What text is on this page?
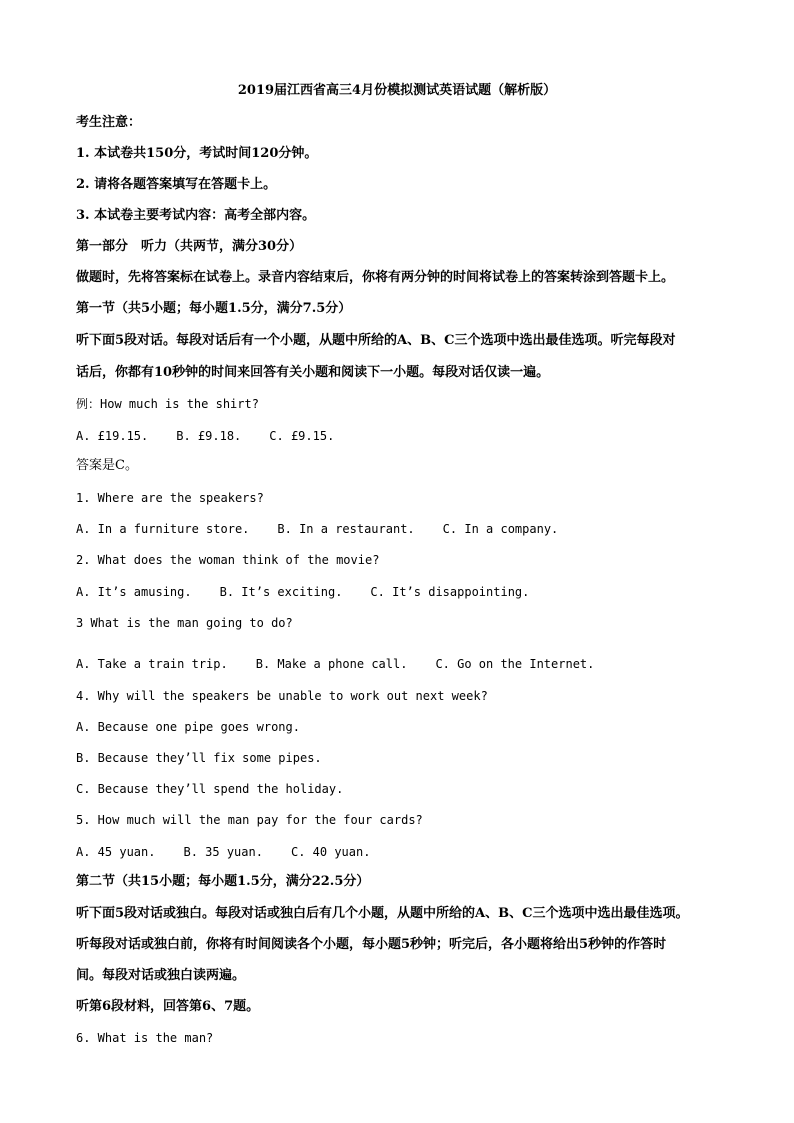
2019届江西省高三4月份模拟测试英语试题（解析版）
考生注意：
1. 本试卷共150分，考试时间120分钟。
2. 请将各题答案填写在答题卡上。
3. 本试卷主要考试内容：高考全部内容。
第一部分　听力（共两节，满分30分）
做题时，先将答案标在试卷上。录音内容结束后，你将有两分钟的时间将试卷上的答案转涂到答题卡上。
第一节（共5小题；每小题1.5分，满分7.5分）
听下面5段对话。每段对话后有一个小题，从题中所给的A、B、C三个选项中选出最佳选项。听完每段对
话后，你都有10秒钟的时间来回答有关小题和阅读下一小题。每段对话仅读一遍。
例：How much is the shirt?
A. £19.15. B. £9.18. C. £9.15.
答案是C。
1. Where are the speakers?
A. In a furniture store. B. In a restaurant. C. In a company.
2. What does the woman think of the movie?
A. It’s amusing. B. It’s exciting. C. It’s disappointing.
3 What is the man going to do?
A. Take a train trip. B. Make a phone call. C. Go on the Internet.
4. Why will the speakers be unable to work out next week?
A. Because one pipe goes wrong.
B. Because they’ll fix some pipes.
C. Because they’ll spend the holiday.
5. How much will the man pay for the four cards?
A. 45 yuan. B. 35 yuan. C. 40 yuan.
第二节（共15小题；每小题1.5分，满分22.5分）
听下面5段对话或独白。每段对话或独白后有几个小题，从题中所给的A、B、C三个选项中选出最佳选项。
听每段对话或独白前，你将有时间阅读各个小题，每小题5秒钟；听完后，各小题将给出5秒钟的作答时
间。每段对话或独白读两遍。
听第6段材料，回答第6、7题。
6. What is the man?
